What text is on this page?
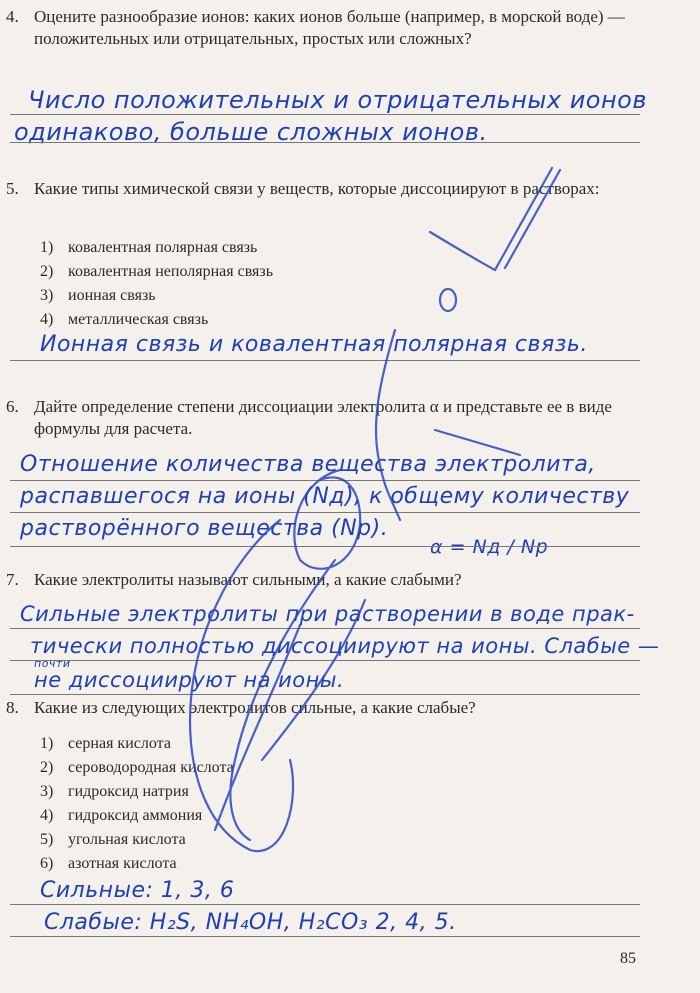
4. Оцените разнообразие ионов: каких ионов больше (например, в морской воде) — положительных или отрицательных, простых или сложных?
Число положительных и отрицательных ионов
одинаково, больше сложных ионов.
5. Какие типы химической связи у веществ, которые диссоциируют в растворах:
1) ковалентная полярная связь
2) ковалентная неполярная связь
3) ионная связь
4) металлическая связь
Ионная связь и ковалентная полярная связь.
6. Дайте определение степени диссоциации электролита α и представьте ее в виде формулы для расчета.
Отношение количества вещества электролита,
распавшегося на ионы (Nд), к общему количеству
растворённого вещества (Nр).
α = Nд / Nр
7. Какие электролиты называют сильными, а какие слабыми?
Сильные электролиты при растворении в воде прак-
тически полностью диссоциируют на ионы. Слабые —
почти
не диссоциируют на ионы.
8. Какие из следующих электролитов сильные, а какие слабые?
1) серная кислота
2) сероводородная кислота
3) гидроксид натрия
4) гидроксид аммония
5) угольная кислота
6) азотная кислота
Сильные: 1, 3, 6
Слабые: H₂S, NH₄OH, H₂CO₃ 2, 4, 5.
85
